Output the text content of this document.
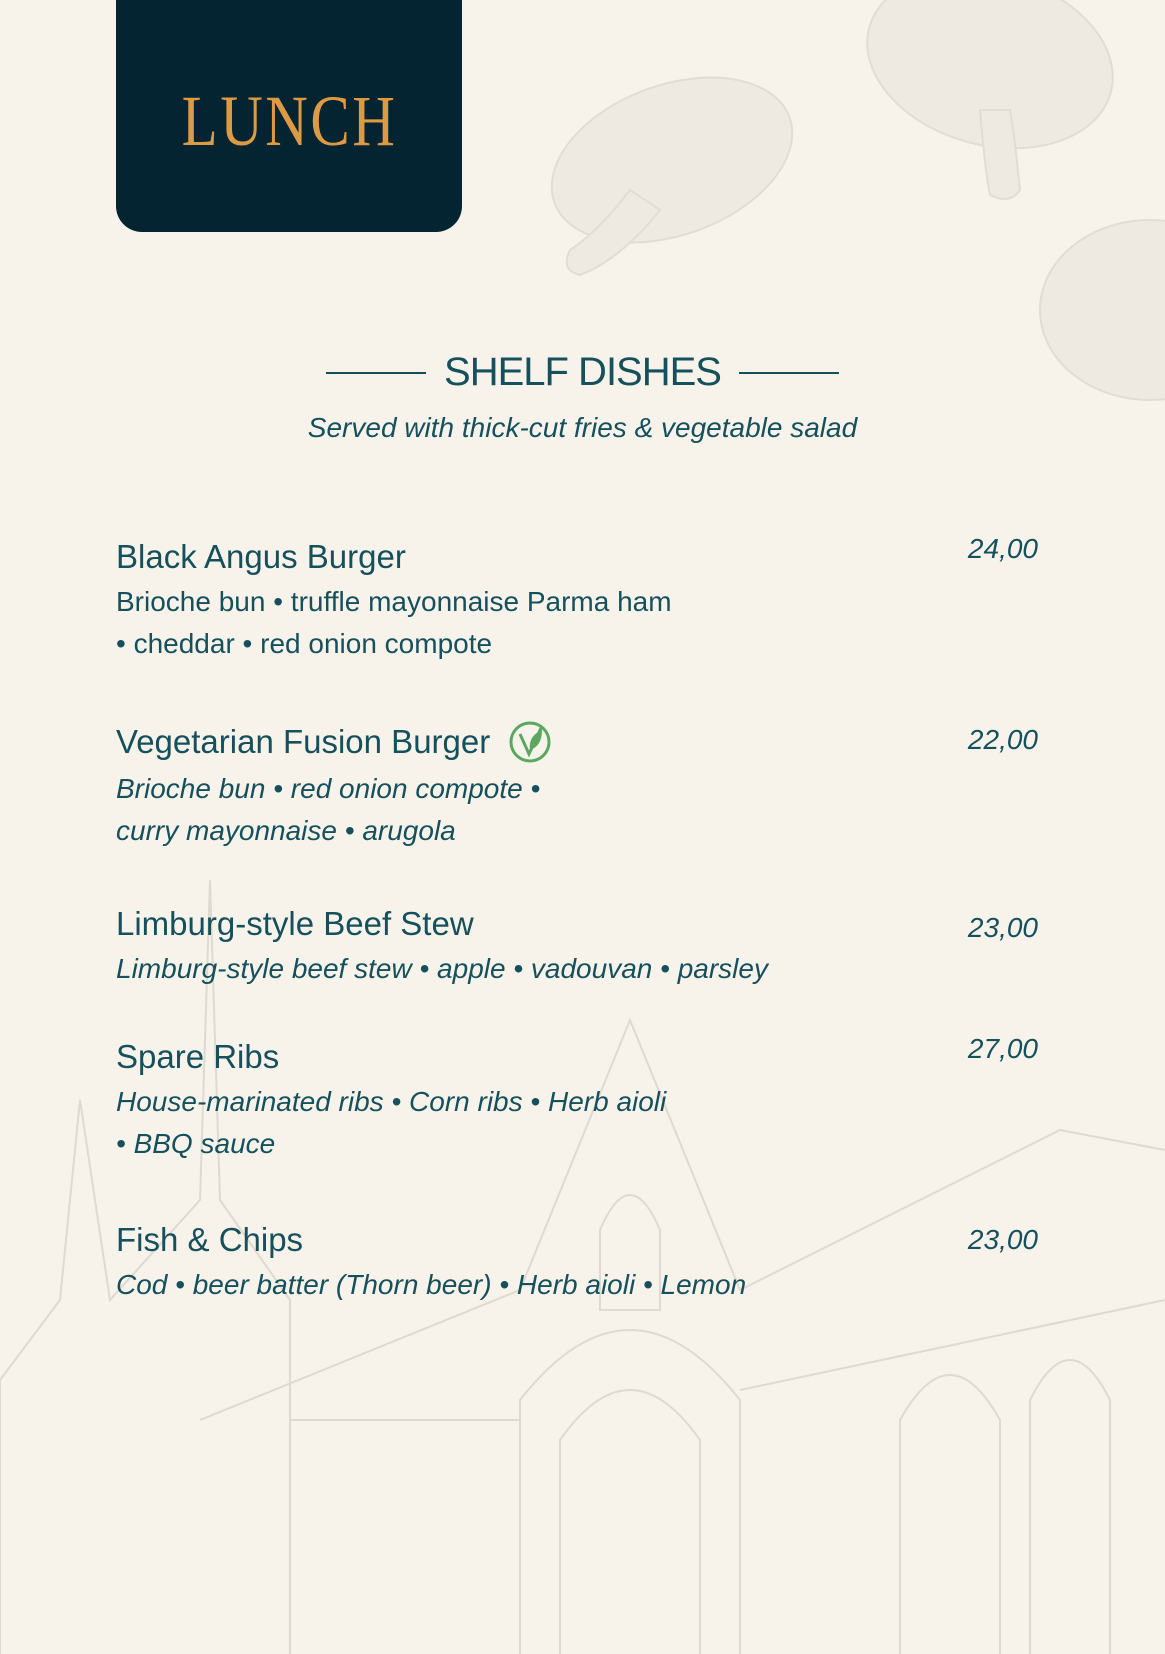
LUNCH
SHELF DISHES
Served with thick-cut fries & vegetable salad
Black Angus Burger
Brioche bun • truffle mayonnaise Parma ham
• cheddar • red onion compote
24,00
Vegetarian Fusion Burger
Brioche bun • red onion compote •
curry mayonnaise • arugola
22,00
Limburg-style Beef Stew
Limburg-style beef stew • apple • vadouvan • parsley
23,00
Spare Ribs
House-marinated ribs • Corn ribs • Herb aioli
• BBQ sauce
27,00
Fish & Chips
Cod • beer batter (Thorn beer) • Herb aioli • Lemon
23,00
